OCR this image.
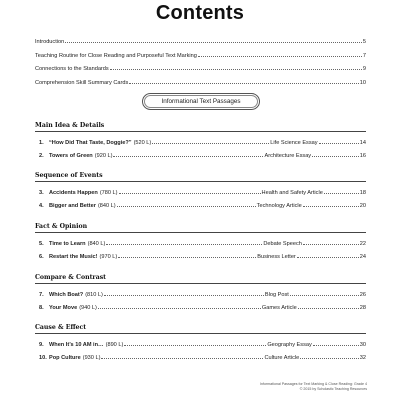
Contents
Introduction	5
Teaching Routine for Close Reading and Purposeful Text Marking	7
Connections to the Standards	9
Comprehension Skill Summary Cards	10
Informational Text Passages
Main Idea & Details
1. “How Did That Taste, Doggie?” (520 L)	Life Science Essay	14
2. Towers of Green (920 L)	Architecture Essay	16
Sequence of Events
3. Accidents Happen (780 L)	Health and Safety Article	18
4. Bigger and Better (840 L)	Technology Article	20
Fact & Opinion
5. Time to Learn (840 L)	Debate Speech	22
6. Restart the Music! (970 L)	Business Letter	24
Compare & Contrast
7. Which Boat? (810 L)	Blog Post	26
8. Your Move (940 L)	Games Article	28
Cause & Effect
9. When It’s 10 AM in… (890 L)	Geography Essay	30
10. Pop Culture (930 L)	Culture Article	32
Informational Passages for Text Marking & Close Reading: Grade 4
© 2015 by Scholastic Teaching Resources
